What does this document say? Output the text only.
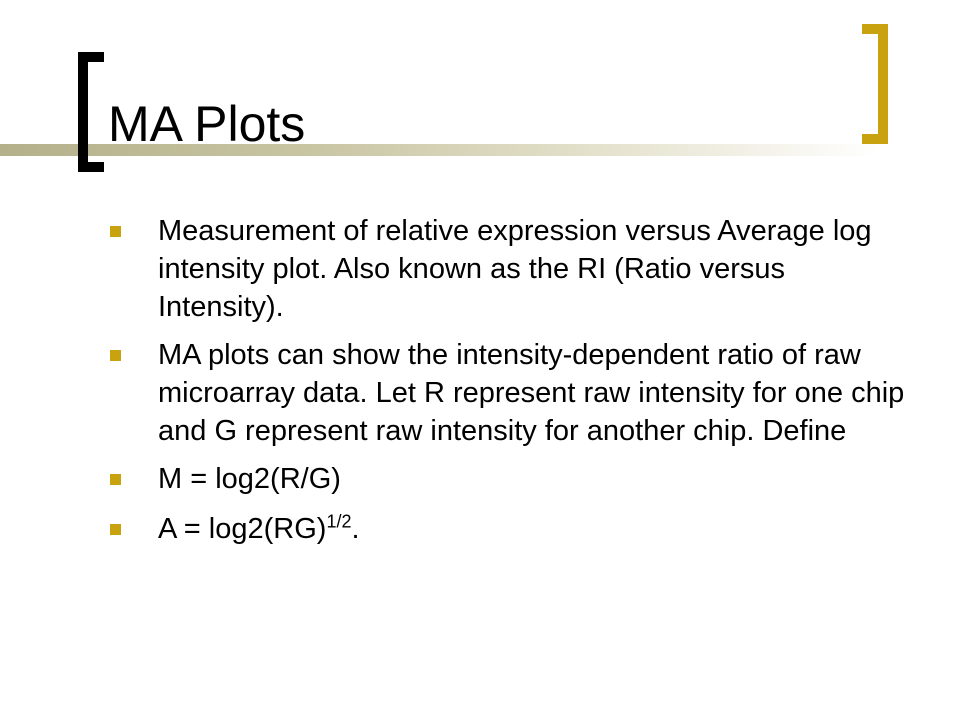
MA Plots
Measurement of relative expression versus Average log intensity plot. Also known as the RI (Ratio versus Intensity).
MA plots can show the intensity-dependent ratio of raw microarray data. Let R represent raw intensity for one chip and G represent raw intensity for another chip. Define
M = log2(R/G)
A = log2(RG)$^{1/2}$.
